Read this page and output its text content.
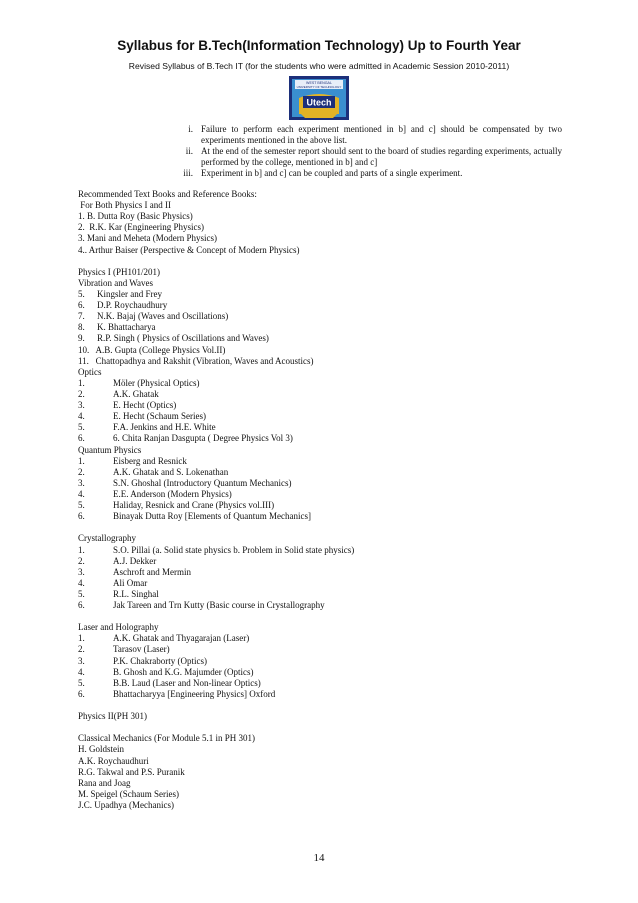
Syllabus for B.Tech(Information Technology) Up to Fourth Year
Revised Syllabus of B.Tech IT (for the students who were admitted in Academic Session 2010-2011)
WEST BENGAL
UNIVERSITY OF TECHNOLOGY
Utech
i. Failure to perform each experiment mentioned in b] and c] should be compensated by two experiments mentioned in the above list.
ii. At the end of the semester report should sent to the board of studies regarding experiments, actually performed by the college, mentioned in b] and c]
iii. Experiment in b] and c] can be coupled and parts of a single experiment.
Recommended Text Books and Reference Books:
For Both Physics I and II
1. B. Dutta Roy (Basic Physics)
2.  R.K. Kar (Engineering Physics)
3. Mani and Meheta (Modern Physics)
4.. Arthur Baiser (Perspective & Concept of Modern Physics)
Physics I (PH101/201)
Vibration and Waves
5.	Kingsler and Frey
6.	D.P. Roychaudhury
7.	N.K. Bajaj (Waves and Oscillations)
8.	K. Bhattacharya
9.	R.P. Singh ( Physics of Oscillations and Waves)
10.   A.B. Gupta (College Physics Vol.II)
11.   Chattopadhya and Rakshit (Vibration, Waves and Acoustics)
Optics
1.	Möler (Physical Optics)
2.	A.K. Ghatak
3.	E. Hecht (Optics)
4.	E. Hecht (Schaum Series)
5.	F.A. Jenkins and H.E. White
6.	6. Chita Ranjan Dasgupta ( Degree Physics Vol 3)
Quantum Physics
1.	Eisberg and Resnick
2.	A.K. Ghatak and S. Lokenathan
3.	S.N. Ghoshal (Introductory Quantum Mechanics)
4.	E.E. Anderson (Modern Physics)
5.	Haliday, Resnick and Crane (Physics vol.III)
6.	Binayak Dutta Roy [Elements of Quantum Mechanics]
Crystallography
1.	S.O. Pillai (a. Solid state physics b. Problem in Solid state physics)
2.	A.J. Dekker
3.	Aschroft and Mermin
4.	Ali Omar
5.	R.L. Singhal
6.	Jak Tareen and Trn Kutty (Basic course in Crystallography
Laser and Holography
1.	A.K. Ghatak and Thyagarajan (Laser)
2.	Tarasov (Laser)
3.	P.K. Chakraborty (Optics)
4.	B. Ghosh and K.G. Majumder (Optics)
5.	B.B. Laud (Laser and Non-linear Optics)
6.	Bhattacharyya [Engineering Physics] Oxford
Physics II(PH 301)
Classical Mechanics (For Module 5.1 in PH 301)
H. Goldstein
A.K. Roychaudhuri
R.G. Takwal and P.S. Puranik
Rana and Joag
M. Speigel (Schaum Series)
J.C. Upadhya (Mechanics)
14
